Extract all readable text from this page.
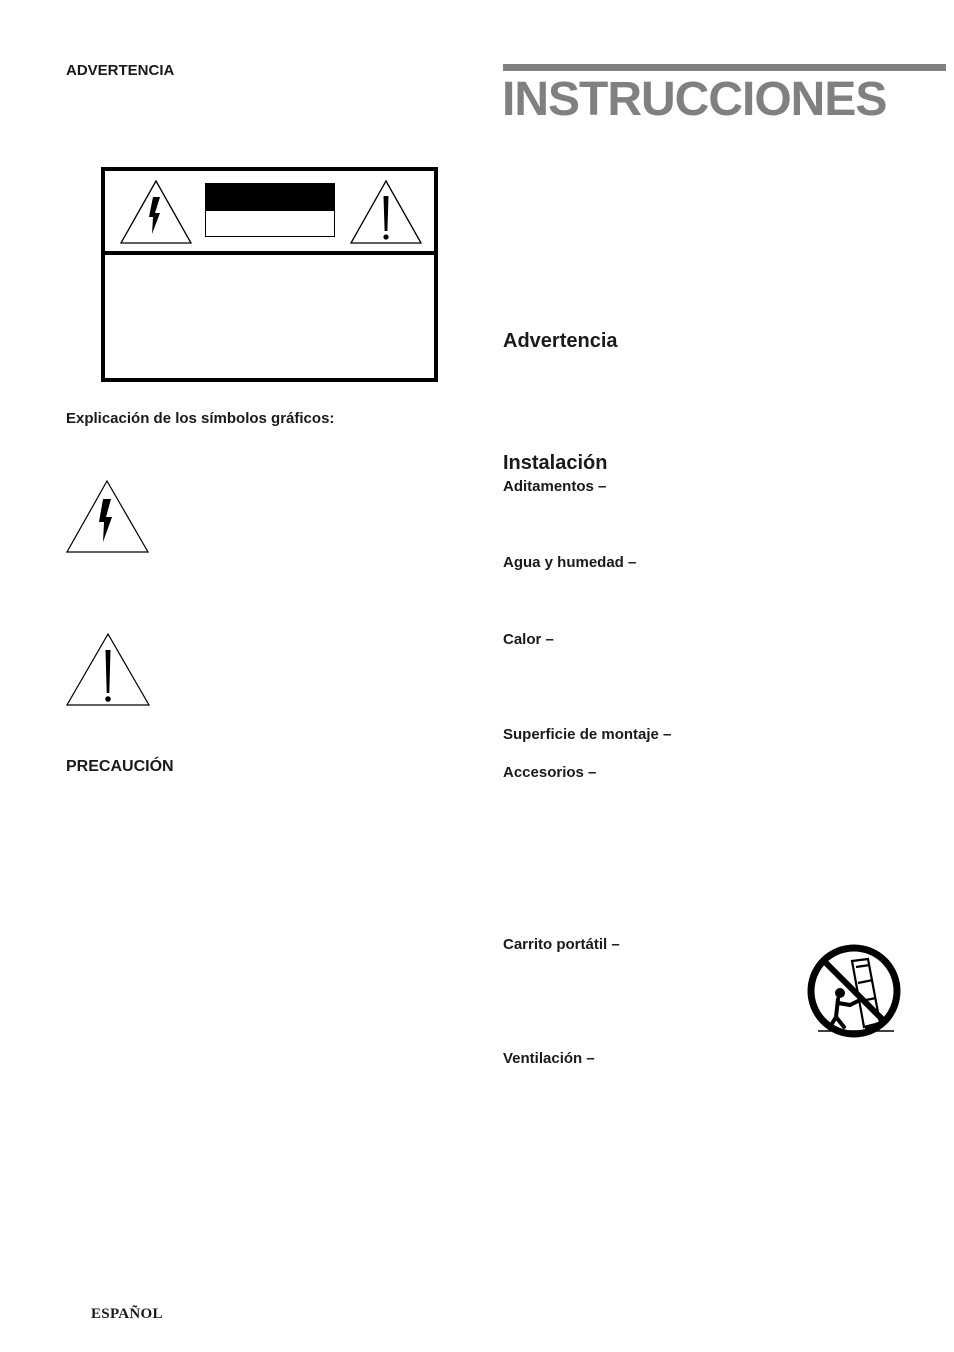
ADVERTENCIA
Explicación de los símbolos gráficos:
PRECAUCIÓN
INSTRUCCIONES
Advertencia
Instalación
Aditamentos –
Agua y humedad –
Calor –
Superficie de montaje –
Accesorios –
Carrito portátil –
Ventilación –
ESPAÑOL
